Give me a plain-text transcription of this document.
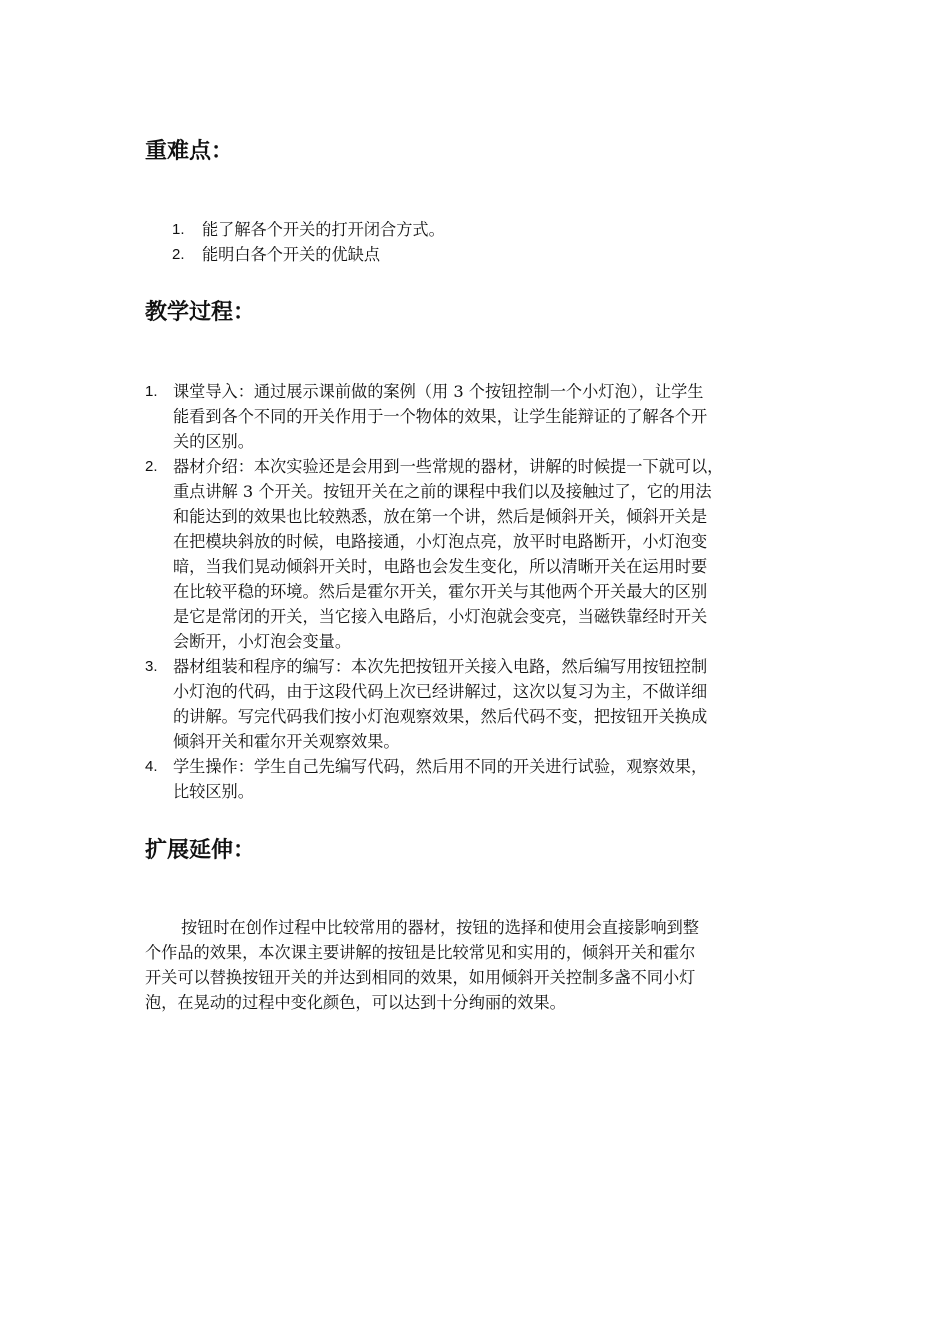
重难点：
1. 能了解各个开关的打开闭合方式。
2. 能明白各个开关的优缺点
教学过程：
1. 课堂导入：通过展示课前做的案例（用 3 个按钮控制一个小灯泡），让学生
能看到各个不同的开关作用于一个物体的效果，让学生能辩证的了解各个开
关的区别。
2. 器材介绍：本次实验还是会用到一些常规的器材，讲解的时候提一下就可以，
重点讲解 3 个开关。按钮开关在之前的课程中我们以及接触过了，它的用法
和能达到的效果也比较熟悉，放在第一个讲，然后是倾斜开关，倾斜开关是
在把模块斜放的时候，电路接通，小灯泡点亮，放平时电路断开，小灯泡变
暗，当我们晃动倾斜开关时，电路也会发生变化，所以清晰开关在运用时要
在比较平稳的环境。然后是霍尔开关，霍尔开关与其他两个开关最大的区别
是它是常闭的开关，当它接入电路后，小灯泡就会变亮，当磁铁靠经时开关
会断开，小灯泡会变量。
3. 器材组装和程序的编写：本次先把按钮开关接入电路，然后编写用按钮控制
小灯泡的代码，由于这段代码上次已经讲解过，这次以复习为主，不做详细
的讲解。写完代码我们按小灯泡观察效果，然后代码不变，把按钮开关换成
倾斜开关和霍尔开关观察效果。
4. 学生操作：学生自己先编写代码，然后用不同的开关进行试验，观察效果，
比较区别。
扩展延伸：
按钮时在创作过程中比较常用的器材，按钮的选择和使用会直接影响到整
个作品的效果，本次课主要讲解的按钮是比较常见和实用的，倾斜开关和霍尔
开关可以替换按钮开关的并达到相同的效果，如用倾斜开关控制多盏不同小灯
泡，在晃动的过程中变化颜色，可以达到十分绚丽的效果。
